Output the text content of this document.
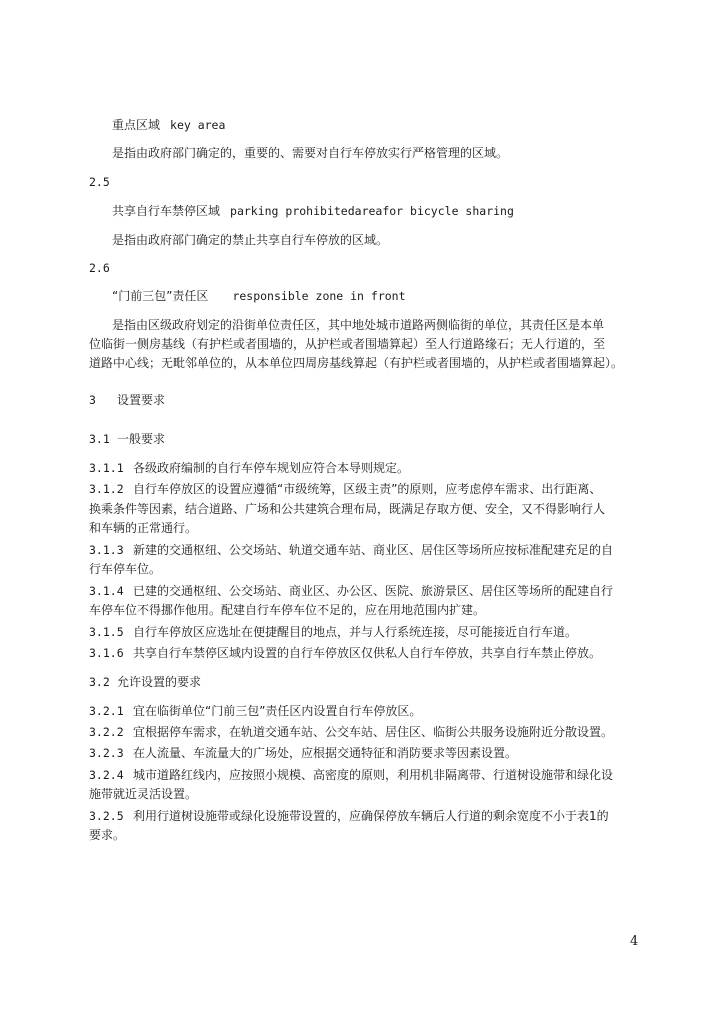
重点区域 key area
是指由政府部门确定的，重要的、需要对自行车停放实行严格管理的区域。
2.5
共享自行车禁停区域 parking prohibitedareafor bicycle sharing
是指由政府部门确定的禁止共享自行车停放的区域。
2.6
“门前三包”责任区 responsible zone in front
是指由区级政府划定的沿街单位责任区，其中地处城市道路两侧临街的单位，其责任区是本单
位临街一侧房基线（有护栏或者围墙的，从护栏或者围墙算起）至人行道路缘石；无人行道的，至
道路中心线；无毗邻单位的，从本单位四周房基线算起（有护栏或者围墙的，从护栏或者围墙算起）。
3 设置要求
3.1 一般要求
3.1.1 各级政府编制的自行车停车规划应符合本导则规定。
3.1.2 自行车停放区的设置应遵循“市级统筹，区级主责”的原则，应考虑停车需求、出行距离、
换乘条件等因素，结合道路、广场和公共建筑合理布局，既满足存取方便、安全，又不得影响行人
和车辆的正常通行。
3.1.3 新建的交通枢纽、公交场站、轨道交通车站、商业区、居住区等场所应按标准配建充足的自
行车停车位。
3.1.4 已建的交通枢纽、公交场站、商业区、办公区、医院、旅游景区、居住区等场所的配建自行
车停车位不得挪作他用。配建自行车停车位不足的，应在用地范围内扩建。
3.1.5 自行车停放区应选址在便捷醒目的地点，并与人行系统连接，尽可能接近自行车道。
3.1.6 共享自行车禁停区域内设置的自行车停放区仅供私人自行车停放，共享自行车禁止停放。
3.2 允许设置的要求
3.2.1 宜在临街单位“门前三包”责任区内设置自行车停放区。
3.2.2 宜根据停车需求，在轨道交通车站、公交车站、居住区、临街公共服务设施附近分散设置。
3.2.3 在人流量、车流量大的广场处，应根据交通特征和消防要求等因素设置。
3.2.4 城市道路红线内，应按照小规模、高密度的原则，利用机非隔离带、行道树设施带和绿化设
施带就近灵活设置。
3.2.5 利用行道树设施带或绿化设施带设置的，应确保停放车辆后人行道的剩余宽度不小于表1的
要求。
4
